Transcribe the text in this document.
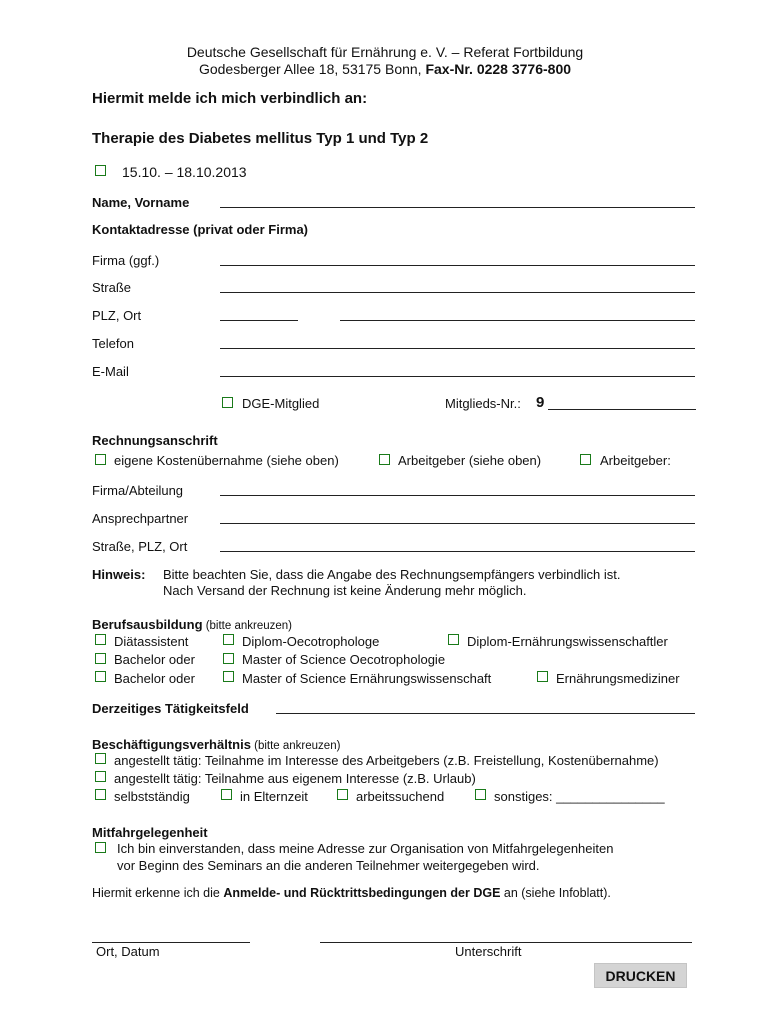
Deutsche Gesellschaft für Ernährung e. V. – Referat Fortbildung
Godesberger Allee 18, 53175 Bonn, Fax-Nr. 0228 3776-800
Hiermit melde ich mich verbindlich an:
Therapie des Diabetes mellitus Typ 1 und Typ 2
15.10. – 18.10.2013
Name, Vorname
Kontaktadresse (privat oder Firma)
Firma (ggf.)
Straße
PLZ, Ort
Telefon
E-Mail
DGE-Mitglied	Mitglieds-Nr.: 9
Rechnungsanschrift
eigene Kostenübernahme (siehe oben)	Arbeitgeber (siehe oben)	Arbeitgeber:
Firma/Abteilung
Ansprechpartner
Straße, PLZ, Ort
Hinweis: Bitte beachten Sie, dass die Angabe des Rechnungsempfängers verbindlich ist.
Nach Versand der Rechnung ist keine Änderung mehr möglich.
Berufsausbildung (bitte ankreuzen)
Diätassistent	Diplom-Oecotrophologe	Diplom-Ernährungswissenschaftler
Bachelor oder	Master of Science Oecotrophologie
Bachelor oder	Master of Science Ernährungswissenschaft	Ernährungsmediziner
Derzeitiges Tätigkeitsfeld
Beschäftigungsverhältnis (bitte ankreuzen)
angestellt tätig: Teilnahme im Interesse des Arbeitgebers (z.B. Freistellung, Kostenübernahme)
angestellt tätig: Teilnahme aus eigenem Interesse (z.B. Urlaub)
selbstständig	in Elternzeit	arbeitssuchend	sonstiges: _______________
Mitfahrgelegenheit
Ich bin einverstanden, dass meine Adresse zur Organisation von Mitfahrgelegenheiten
vor Beginn des Seminars an die anderen Teilnehmer weitergegeben wird.
Hiermit erkenne ich die Anmelde- und Rücktrittsbedingungen der DGE an (siehe Infoblatt).
Ort, Datum	Unterschrift
DRUCKEN
